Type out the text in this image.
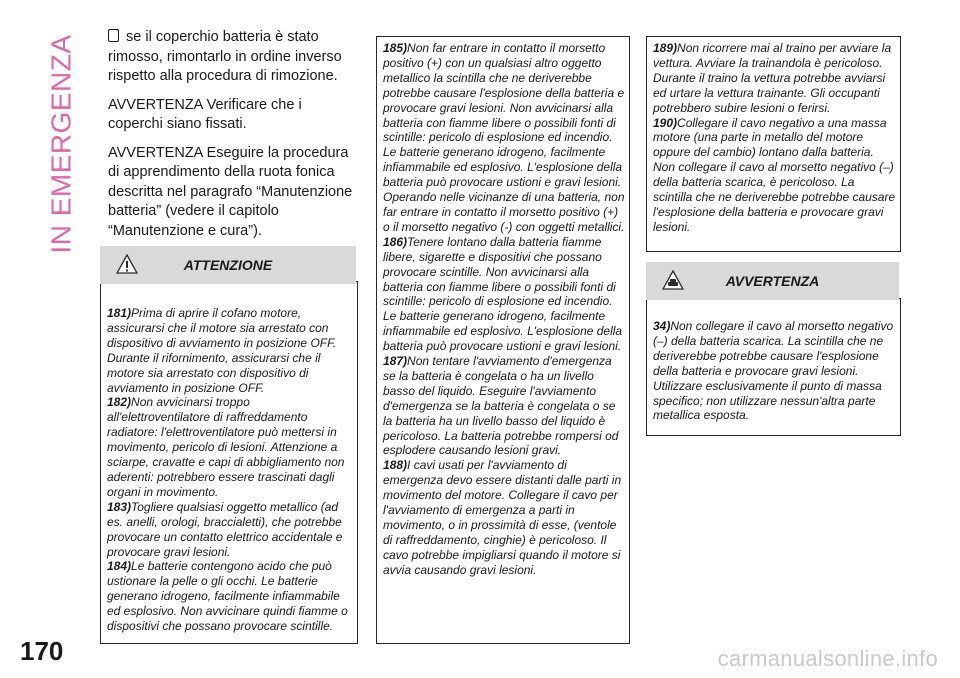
IN EMERGENZA
170

se il coperchio batteria è stato rimosso, rimontarlo in ordine inverso rispetto alla procedura di rimozione.

AVVERTENZA Verificare che i coperchi siano fissati.

AVVERTENZA Eseguire la procedura di apprendimento della ruota fonica descritta nel paragrafo “Manutenzione batteria” (vedere il capitolo “Manutenzione e cura”).

181)Prima di aprire il cofano motore, assicurarsi che il motore sia arrestato con dispositivo di avviamento in posizione OFF. Durante il rifornimento, assicurarsi che il motore sia arrestato con dispositivo di avviamento in posizione OFF.

182)Non avvicinarsi troppo all'elettroventilatore di raffreddamento radiatore: l'elettroventilatore può mettersi in movimento, pericolo di lesioni. Attenzione a sciarpe, cravatte e capi di abbigliamento non aderenti: potrebbero essere trascinati dagli organi in movimento.

183)Togliere qualsiasi oggetto metallico (ad es. anelli, orologi, braccialetti), che potrebbe provocare un contatto elettrico accidentale e provocare gravi lesioni.

184)Le batterie contengono acido che può ustionare la pelle o gli occhi. Le batterie generano idrogeno, facilmente infiammabile ed esplosivo. Non avvicinare quindi fiamme o dispositivi che possano provocare scintille.

ATTENZIONE

185)Non far entrare in contatto il morsetto positivo (+) con un qualsiasi altro oggetto metallico la scintilla che ne deriverebbe potrebbe causare l'esplosione della batteria e provocare gravi lesioni. Non avvicinarsi alla batteria con fiamme libere o possibili fonti di scintille: pericolo di esplosione ed incendio. Le batterie generano idrogeno, facilmente infiammabile ed esplosivo. L'esplosione della batteria può provocare ustioni e gravi lesioni. Operando nelle vicinanze di una batteria, non far entrare in contatto il morsetto positivo (+) o il morsetto negativo (-) con oggetti metallici.

186)Tenere lontano dalla batteria fiamme libere, sigarette e dispositivi che possano provocare scintille. Non avvicinarsi alla batteria con fiamme libere o possibili fonti di scintille: pericolo di esplosione ed incendio. Le batterie generano idrogeno, facilmente infiammabile ed esplosivo. L'esplosione della batteria può provocare ustioni e gravi lesioni.

187)Non tentare l'avviamento d'emergenza se la batteria è congelata o ha un livello basso del liquido. Eseguire l'avviamento d'emergenza se la batteria è congelata o se la batteria ha un livello basso del liquido è pericoloso. La batteria potrebbe rompersi od esplodere causando lesioni gravi.

188)I cavi usati per l'avviamento di emergenza devo essere distanti dalle parti in movimento del motore. Collegare il cavo per l'avviamento di emergenza a parti in movimento, o in prossimità di esse, (ventole di raffreddamento, cinghie) è pericoloso. Il cavo potrebbe impigliarsi quando il motore si avvia causando gravi lesioni.

189)Non ricorrere mai al traino per avviare la vettura. Avviare la trainandola è pericoloso. Durante il traino la vettura potrebbe avviarsi ed urtare la vettura trainante. Gli occupanti potrebbero subire lesioni o ferirsi.

190)Collegare il cavo negativo a una massa motore (una parte in metallo del motore oppure del cambio) lontano dalla batteria. Non collegare il cavo al morsetto negativo (–) della batteria scarica, è pericoloso. La scintilla che ne deriverebbe potrebbe causare l'esplosione della batteria e provocare gravi lesioni.

34)Non collegare il cavo al morsetto negativo (–) della batteria scarica. La scintilla che ne deriverebbe potrebbe causare l'esplosione della batteria e provocare gravi lesioni. Utilizzare esclusivamente il punto di massa specifico; non utilizzare nessun'altra parte metallica esposta.

AVVERTENZA
carmanualsonline.info
